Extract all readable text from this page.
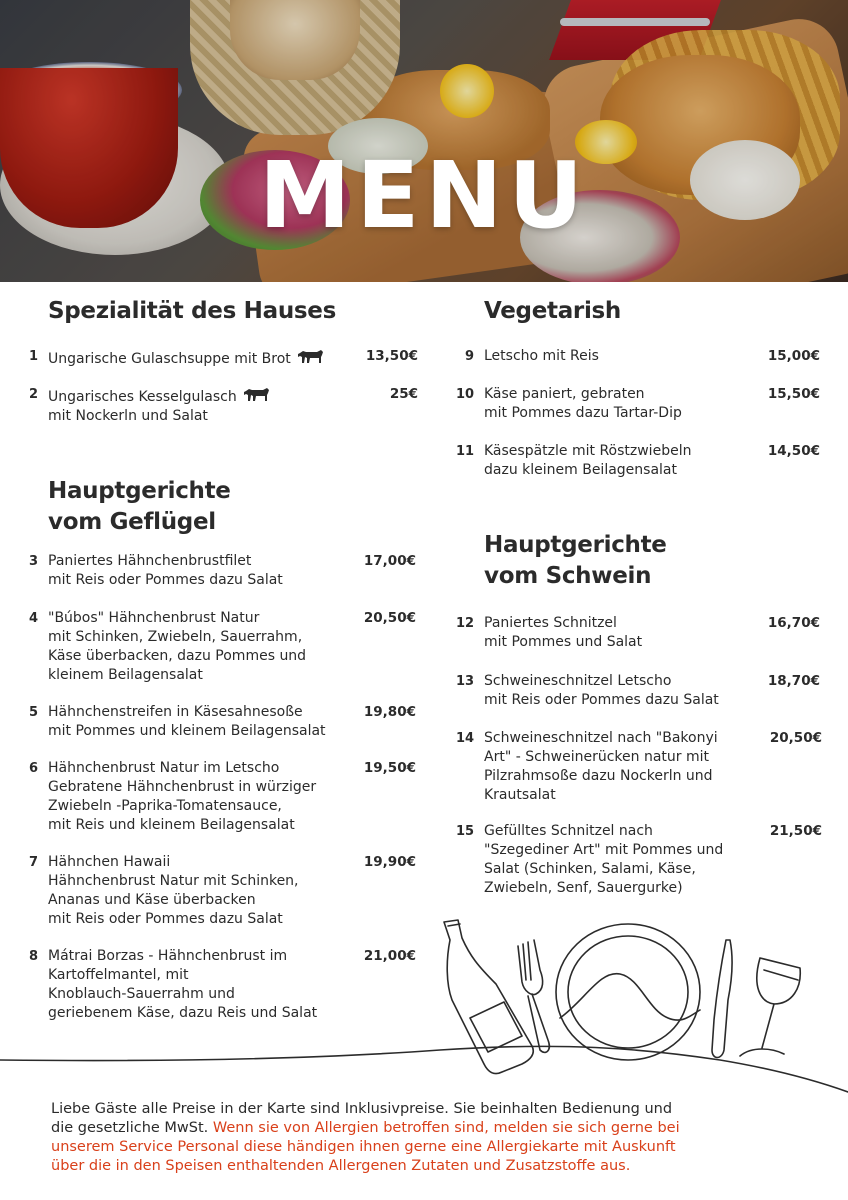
MENU
Spezialität des Hauses
1 Ungarische Gulaschsuppe mit Brot	13,50€
2 Ungarisches Kesselgulasch
mit Nockerln und Salat
25€
Hauptgerichte
vom Geflügel
3 Paniertes Hähnchenbrustfilet
mit Reis oder Pommes dazu Salat
17,00€
4 "Búbos" Hähnchenbrust Natur
mit Schinken, Zwiebeln, Sauerrahm,
Käse überbacken, dazu Pommes und
kleinem Beilagensalat
20,50€
5 Hähnchenstreifen in Käsesahnesoße
mit Pommes und kleinem Beilagensalat
19,80€
6 Hähnchenbrust Natur im Letscho
Gebratene Hähnchenbrust in würziger
Zwiebeln -Paprika-Tomatensauce,
mit Reis und kleinem Beilagensalat
19,50€
7 Hähnchen Hawaii
Hähnchenbrust Natur mit Schinken,
Ananas und Käse überbacken
mit Reis oder Pommes dazu Salat
19,90€
8 Mátrai Borzas - Hähnchenbrust im
Kartoffelmantel, mit
Knoblauch-Sauerrahm und
geriebenem Käse, dazu Reis und Salat
21,00€
Vegetarish
9 Letscho mit Reis	15,00€
10 Käse paniert, gebraten
mit Pommes dazu Tartar-Dip
15,50€
11 Käsespätzle mit Röstzwiebeln
dazu kleinem Beilagensalat
14,50€
Hauptgerichte
vom Schwein
12 Paniertes Schnitzel
mit Pommes und Salat
16,70€
13 Schweineschnitzel Letscho
mit Reis oder Pommes dazu Salat
18,70€
14 Schweineschnitzel nach "Bakonyi
Art" - Schweinerücken natur mit
Pilzrahmsoße dazu Nockerln und
Krautsalat
20,50€
15 Gefülltes Schnitzel nach
"Szegediner Art" mit Pommes und
Salat (Schinken, Salami, Käse,
Zwiebeln, Senf, Sauergurke)
21,50€
Liebe Gäste alle Preise in der Karte sind Inklusivpreise. Sie beinhalten Bedienung und
die gesetzliche MwSt. Wenn sie von Allergien betroffen sind, melden sie sich gerne bei
unserem Service Personal diese händigen ihnen gerne eine Allergiekarte mit Auskunft
über die in den Speisen enthaltenden Allergenen Zutaten und Zusatzstoffe aus.
